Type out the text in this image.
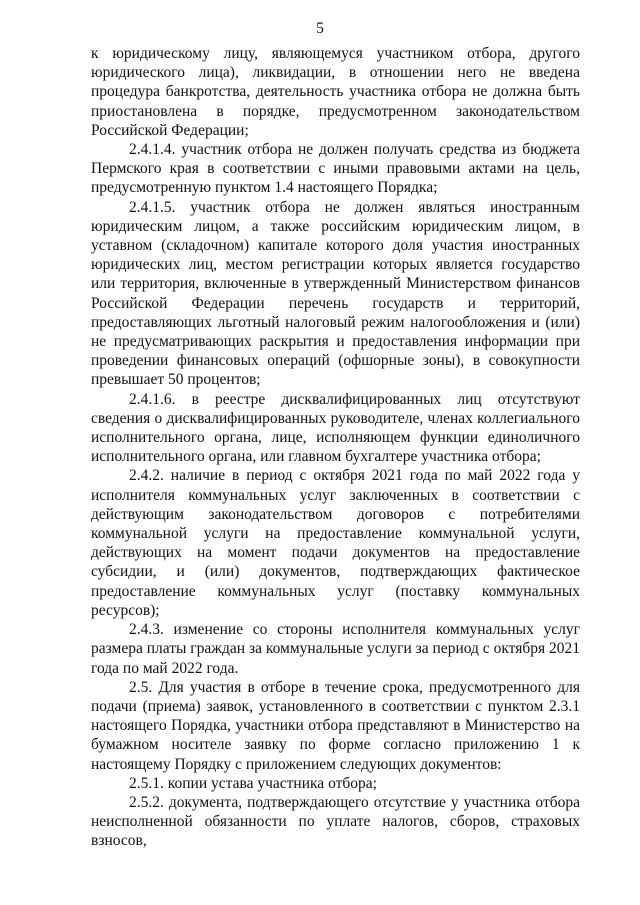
5

к юридическому лицу, являющемуся участником отбора, другого юридического лица), ликвидации, в отношении него не введена процедура банкротства, деятельность участника отбора не должна быть приостановлена в порядке, предусмотренном законодательством Российской Федерации;

2.4.1.4. участник отбора не должен получать средства из бюджета Пермского края в соответствии с иными правовыми актами на цель, предусмотренную пунктом 1.4 настоящего Порядка;

2.4.1.5. участник отбора не должен являться иностранным юридическим лицом, а также российским юридическим лицом, в уставном (складочном) капитале которого доля участия иностранных юридических лиц, местом регистрации которых является государство или территория, включенные в утвержденный Министерством финансов Российской Федерации перечень государств и территорий, предоставляющих льготный налоговый режим налогообложения и (или) не предусматривающих раскрытия и предоставления информации при проведении финансовых операций (офшорные зоны), в совокупности превышает 50 процентов;

2.4.1.6. в реестре дисквалифицированных лиц отсутствуют сведения о дисквалифицированных руководителе, членах коллегиального исполнительного органа, лице, исполняющем функции единоличного исполнительного органа, или главном бухгалтере участника отбора;

2.4.2. наличие в период с октября 2021 года по май 2022 года у исполнителя коммунальных услуг заключенных в соответствии с действующим законодательством договоров с потребителями коммунальной услуги на предоставление коммунальной услуги, действующих на момент подачи документов на предоставление субсидии, и (или) документов, подтверждающих фактическое предоставление коммунальных услуг (поставку коммунальных ресурсов);

2.4.3. изменение со стороны исполнителя коммунальных услуг размера платы граждан за коммунальные услуги за период с октября 2021 года по май 2022 года.

2.5. Для участия в отборе в течение срока, предусмотренного для подачи (приема) заявок, установленного в соответствии с пунктом 2.3.1 настоящего Порядка, участники отбора представляют в Министерство на бумажном носителе заявку по форме согласно приложению 1 к настоящему Порядку с приложением следующих документов:

2.5.1. копии устава участника отбора;

2.5.2. документа, подтверждающего отсутствие у участника отбора неисполненной обязанности по уплате налогов, сборов, страховых взносов,
